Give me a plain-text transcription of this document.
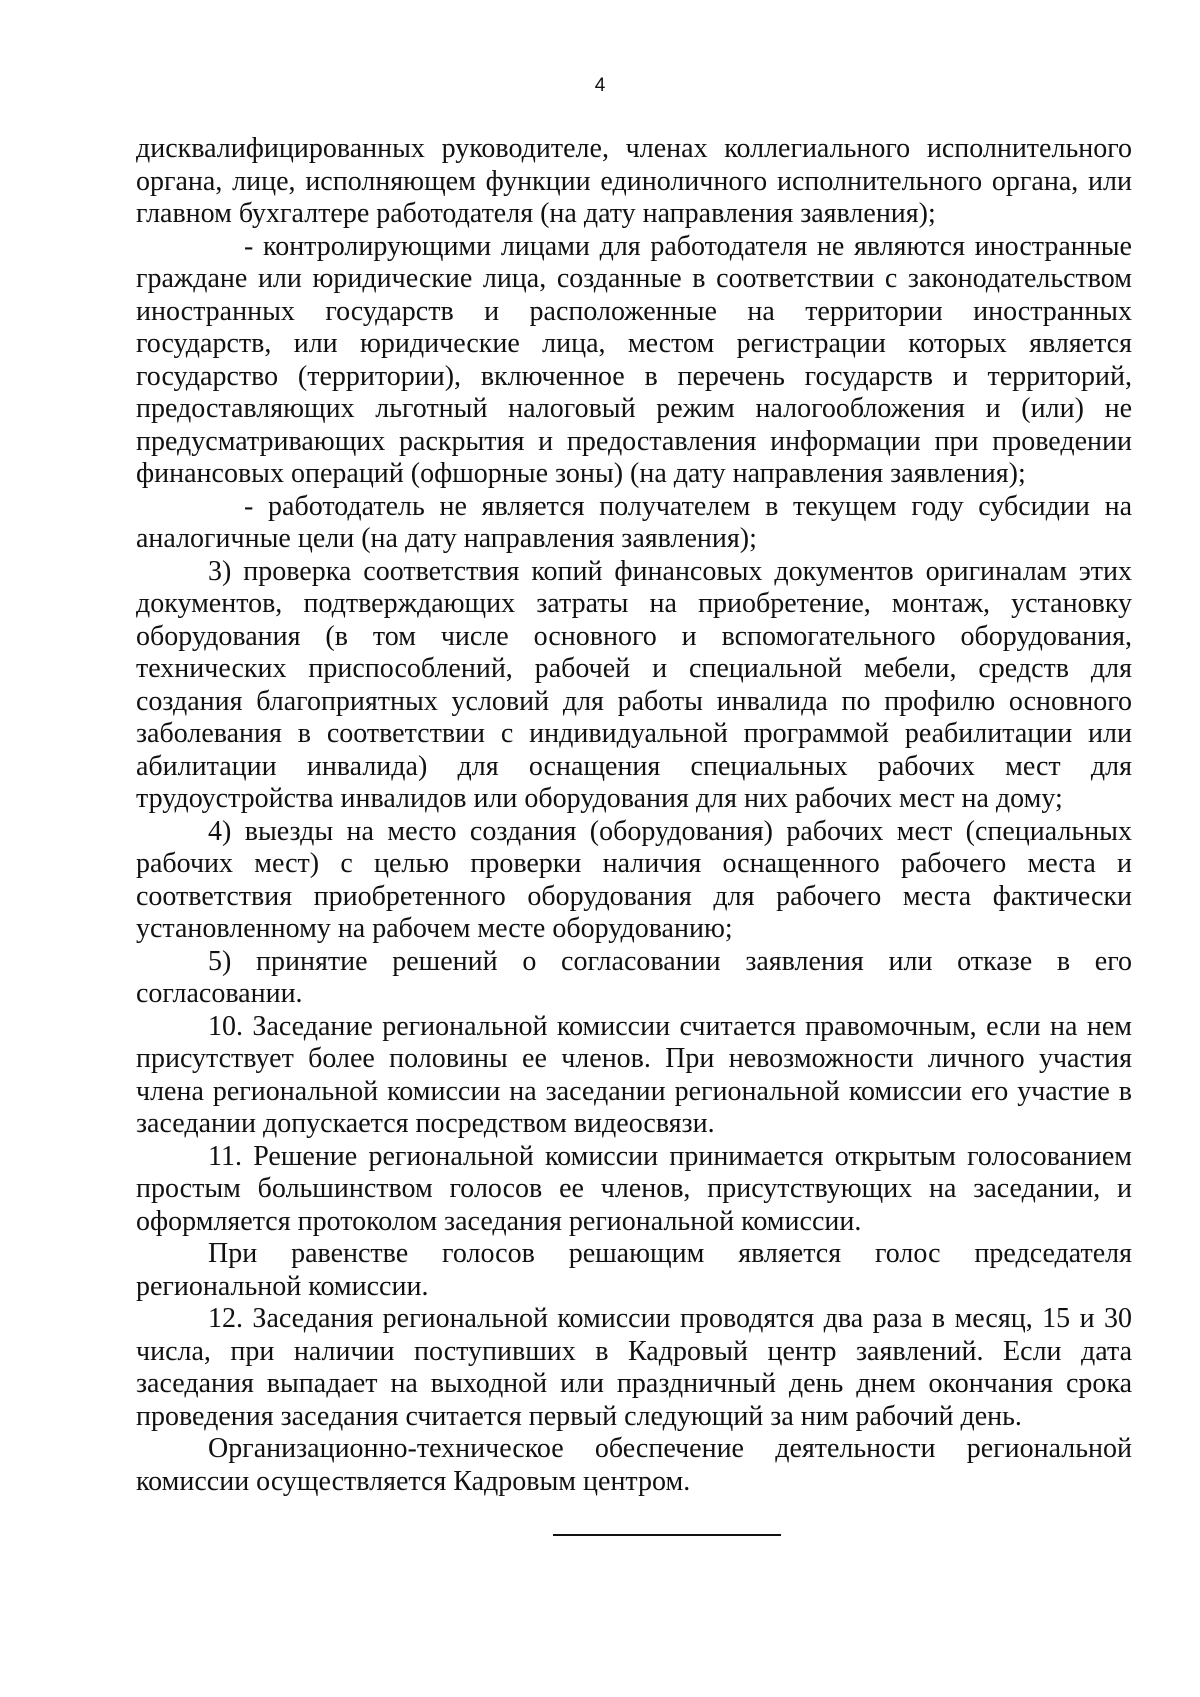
4

дисквалифицированных руководителе, членах коллегиального исполнительного органа, лице, исполняющем функции единоличного исполнительного органа, или главном бухгалтере работодателя (на дату направления заявления);

- контролирующими лицами для работодателя не являются иностранные граждане или юридические лица, созданные в соответствии с законодательством иностранных государств и расположенные на территории иностранных государств, или юридические лица, местом регистрации которых является государство (территории), включенное в перечень государств и территорий, предоставляющих льготный налоговый режим налогообложения и (или) не предусматривающих раскрытия и предоставления информации при проведении финансовых операций (офшорные зоны) (на дату направления заявления);

- работодатель не является получателем в текущем году субсидии на аналогичные цели (на дату направления заявления);

3) проверка соответствия копий финансовых документов оригиналам этих документов, подтверждающих затраты на приобретение, монтаж, установку оборудования (в том числе основного и вспомогательного оборудования, технических приспособлений, рабочей и специальной мебели, средств для создания благоприятных условий для работы инвалида по профилю основного заболевания в соответствии с индивидуальной программой реабилитации или абилитации инвалида) для оснащения специальных рабочих мест для трудоустройства инвалидов или оборудования для них рабочих мест на дому;

4) выезды на место создания (оборудования) рабочих мест (специальных рабочих мест) с целью проверки наличия оснащенного рабочего места и соответствия приобретенного оборудования для рабочего места фактически установленному на рабочем месте оборудованию;

5) принятие решений о согласовании заявления или отказе в его согласовании.

10. Заседание региональной комиссии считается правомочным, если на нем присутствует более половины ее членов. При невозможности личного участия члена региональной комиссии на заседании региональной комиссии его участие в заседании допускается посредством видеосвязи.

11. Решение региональной комиссии принимается открытым голосованием простым большинством голосов ее членов, присутствующих на заседании, и оформляется протоколом заседания региональной комиссии.

При равенстве голосов решающим является голос председателя региональной комиссии.

12. Заседания региональной комиссии проводятся два раза в месяц, 15 и 30 числа, при наличии поступивших в Кадровый центр заявлений. Если дата заседания выпадает на выходной или праздничный день днем окончания срока проведения заседания считается первый следующий за ним рабочий день.

Организационно-техническое обеспечение деятельности региональной комиссии осуществляется Кадровым центром.
